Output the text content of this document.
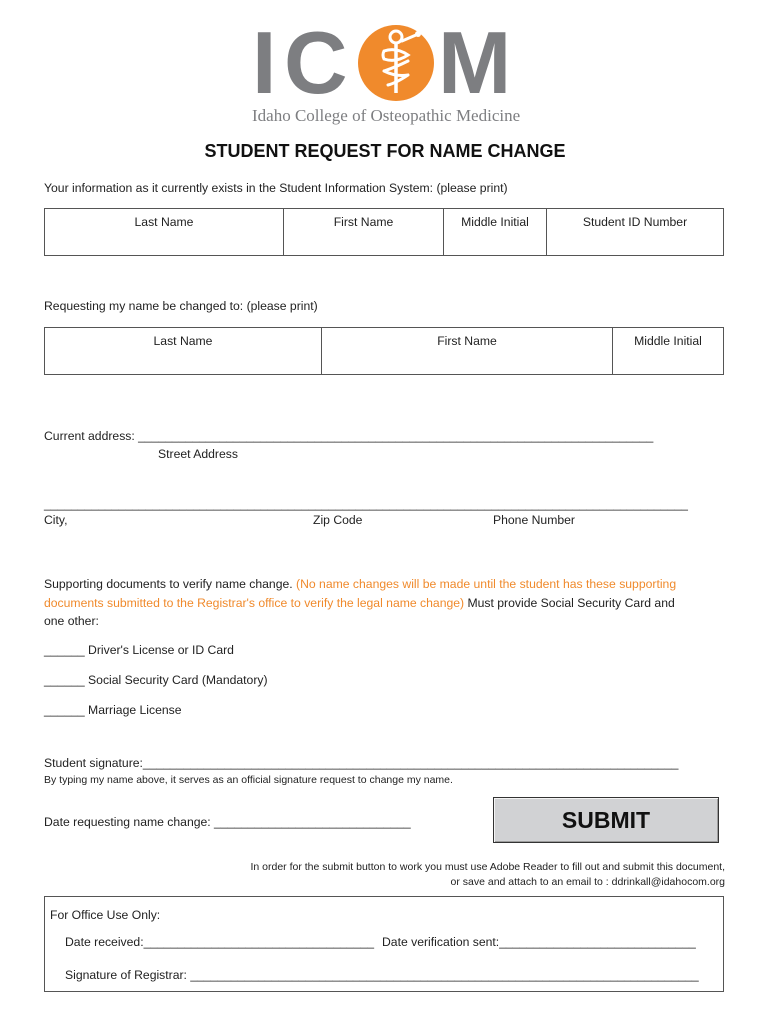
I C M
Idaho College of Osteopathic Medicine
STUDENT REQUEST FOR NAME CHANGE
Your information as it currently exists in the Student Information System: (please print)
Last Name	First Name	Middle Initial	Student ID Number
Requesting my name be changed to: (please print)
Last Name	First Name	Middle Initial
Current address: ____________________________________________________________________________
Street Address
_______________________________________________________________________________________________
City,	Zip Code	Phone Number
Supporting documents to verify name change. (No name changes will be made until the student has these supporting
documents submitted to the Registrar's office to verify the legal name change) Must provide Social Security Card and
one other:
______ Driver's License or ID Card
______ Social Security Card (Mandatory)
______ Marriage License
Student signature:_______________________________________________________________________________
By typing my name above, it serves as an official signature request to change my name.
Date requesting name change: _____________________________	SUBMIT
In order for the submit button to work you must use Adobe Reader to fill out and submit this document,
or save and attach to an email to : ddrinkall@idahocom.org
For Office Use Only:
Date received:__________________________________ Date verification sent:_____________________________
Signature of Registrar: ___________________________________________________________________________
